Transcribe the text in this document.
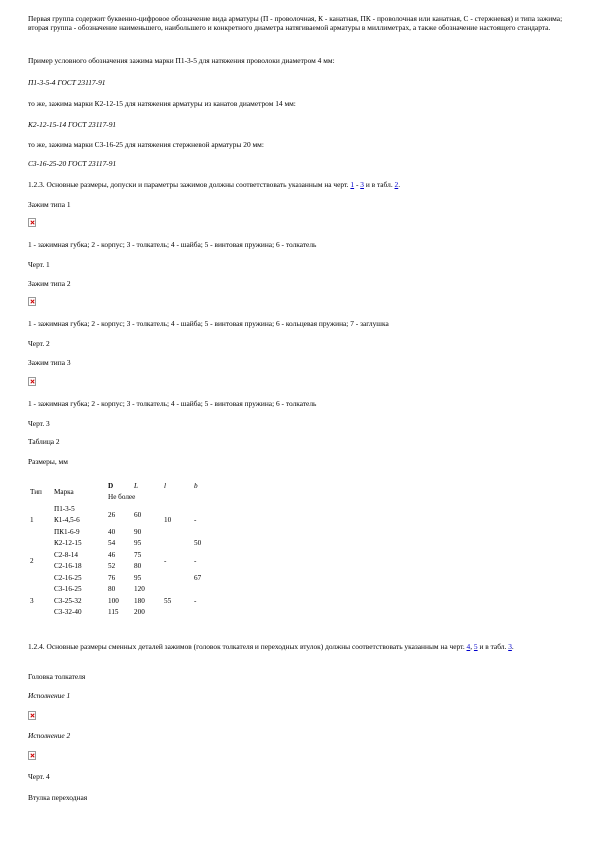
Первая группа содержит буквенно-цифровое обозначение вида арматуры (П - проволочная, К - канатная, ПК - проволочная или канатная, С - стержневая) и типа зажима; вторая группа - обозначение наименьшего, наибольшего и конкретного диаметра натягиваемой арматуры в миллиметрах, а также обозначение настоящего стандарта.

Пример условного обозначения зажима марки П1-3-5 для натяжения проволоки диаметром 4 мм:

П1-3-5-4 ГОСТ 23117-91

то же, зажима марки К2-12-15 для натяжения арматуры из канатов диаметром 14 мм:

К2-12-15-14 ГОСТ 23117-91

то же, зажима марки С3-16-25 для натяжения стержневой арматуры 20 мм:

С3-16-25-20 ГОСТ 23117-91

1.2.3. Основные размеры, допуски и параметры зажимов должны соответствовать указанным на черт. 1 - 3 и в табл. 2.

Зажим типа 1

1 - зажимная губка; 2 - корпус; 3 - толкатель; 4 - шайба; 5 - винтовая пружина; 6 - толкатель

Черт. 1

Зажим типа 2

1 - зажимная губка; 2 - корпус; 3 - толкатель; 4 - шайба; 5 - винтовая пружина; 6 - кольцевая пружина; 7 - заглушка

Черт. 2

Зажим типа 3

1 - зажимная губка; 2 - корпус; 3 - толкатель; 4 - шайба; 5 - винтовая пружина; 6 - толкатель

Черт. 3

Таблица 2

Размеры, мм

Тип	Марка	D	L	l	b
		Не более			
1	П1-3-5	26	60	10	-
	К1-4,5-6				
	ПК1-6-9	40	90		
2	К2-12-15	54	95	-	50
	С2-8-14	46	75		-
	С2-16-18	52	80		
	С2-16-25	76	95		67
3	С3-16-25	80	120	55	-
	С3-25-32	100	180		
	С3-32-40	115	200		

1.2.4. Основные размеры сменных деталей зажимов (головок толкателя и переходных втулок) должны соответствовать указанным на черт. 4, 5 и в табл. 3.

Головка толкателя

Исполнение 1

Исполнение 2

Черт. 4

Втулка переходная
